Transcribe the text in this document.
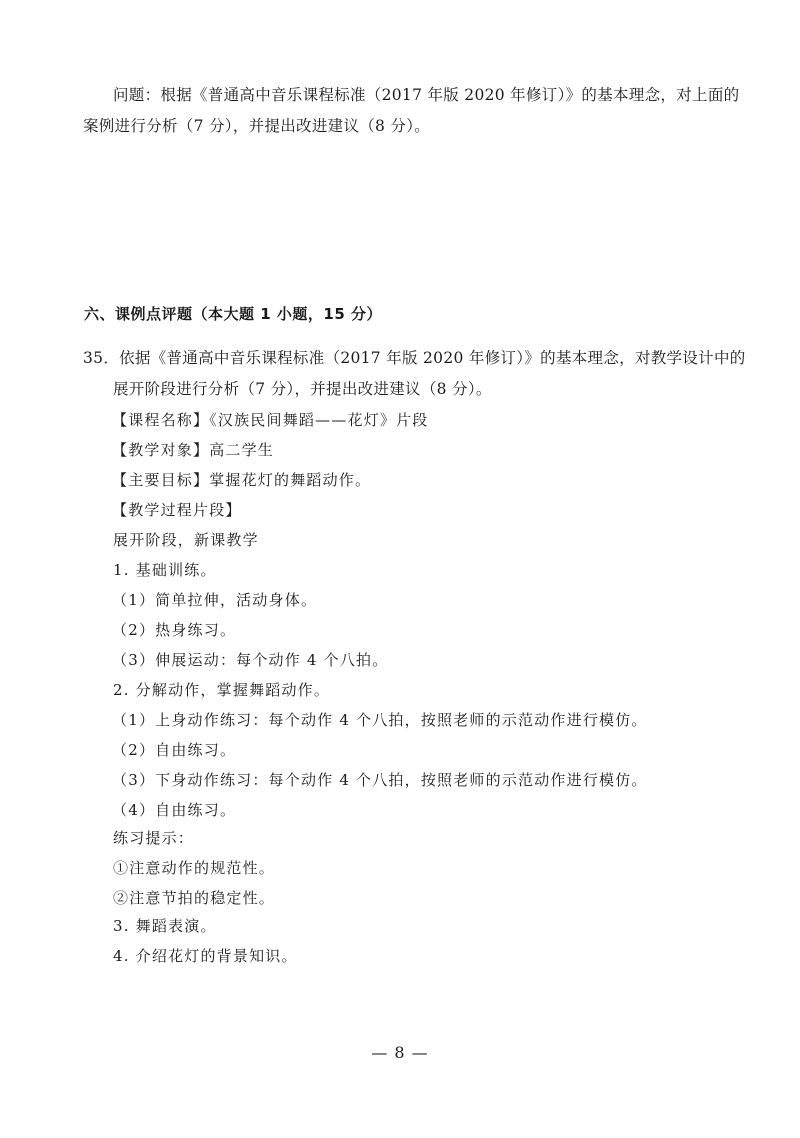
问题：根据《普通高中音乐课程标准（2017 年版 2020 年修订）》的基本理念，对上面的
案例进行分析（7 分），并提出改进建议（8 分）。
六、课例点评题（本大题 1 小题，15 分）
35．依据《普通高中音乐课程标准（2017 年版 2020 年修订）》的基本理念，对教学设计中的
展开阶段进行分析（7 分），并提出改进建议（8 分）。
【课程名称】《汉族民间舞蹈——花灯》片段
【教学对象】高二学生
【主要目标】掌握花灯的舞蹈动作。
【教学过程片段】
展开阶段，新课教学
1. 基础训练。
（1）简单拉伸，活动身体。
（2）热身练习。
（3）伸展运动：每个动作 4 个八拍。
2. 分解动作，掌握舞蹈动作。
（1）上身动作练习：每个动作 4 个八拍，按照老师的示范动作进行模仿。
（2）自由练习。
（3）下身动作练习：每个动作 4 个八拍，按照老师的示范动作进行模仿。
（4）自由练习。
练习提示：
①注意动作的规范性。
②注意节拍的稳定性。
3. 舞蹈表演。
4. 介绍花灯的背景知识。
— 8 —
